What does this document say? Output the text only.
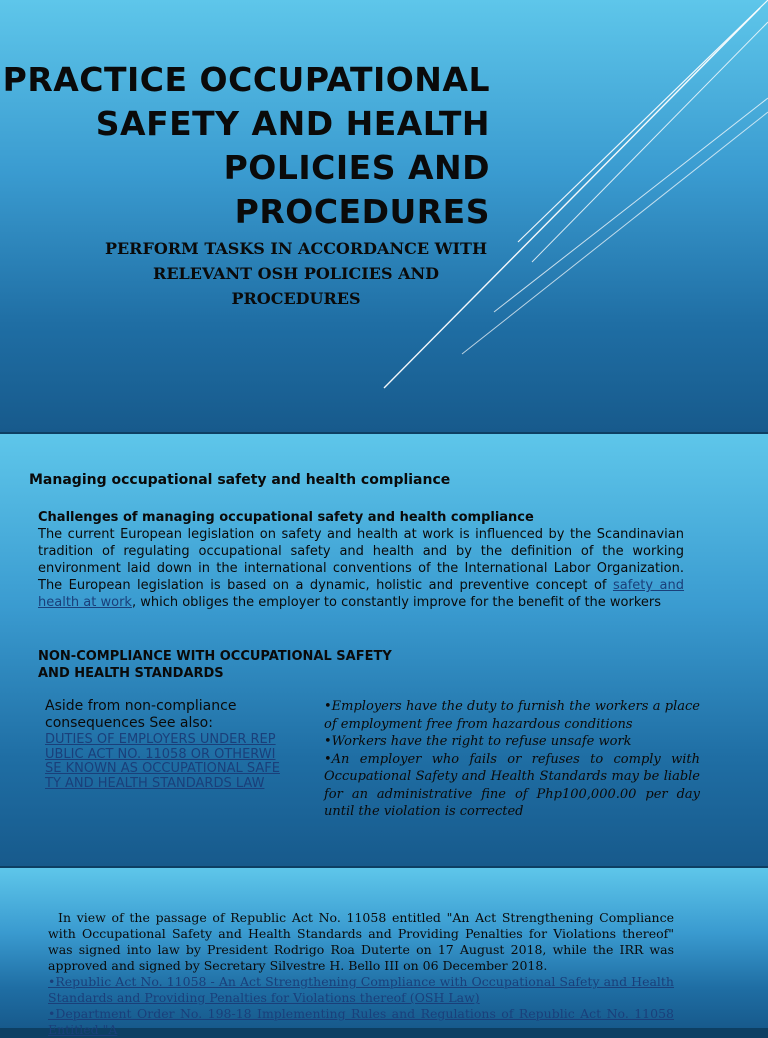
PRACTICE OCCUPATIONAL SAFETY AND HEALTH POLICIES AND PROCEDURES
PERFORM TASKS IN ACCORDANCE WITH RELEVANT OSH POLICIES AND PROCEDURES
Managing occupational safety and health compliance
Challenges of managing occupational safety and health compliance
The current European legislation on safety and health at work is influenced by the Scandinavian tradition of regulating occupational safety and health and by the definition of the working environment laid down in the international conventions of the International Labor Organization. The European legislation is based on a dynamic, holistic and preventive concept of safety and health at work, which obliges the employer to constantly improve for the benefit of the workers
NON-COMPLIANCE WITH OCCUPATIONAL SAFETY AND HEALTH STANDARDS
Aside from non-compliance consequences See also:
DUTIES OF EMPLOYERS UNDER REPUBLIC ACT NO. 11058 OR OTHERWISE KNOWN AS OCCUPATIONAL SAFETY AND HEALTH STANDARDS LAW
•Employers have the duty to furnish the workers a place of employment free from hazardous conditions
•Workers have the right to refuse unsafe work
•An employer who fails or refuses to comply with Occupational Safety and Health Standards may be liable for an administrative fine of Php100,000.00 per day until the violation is corrected
In view of the passage of Republic Act No. 11058 entitled "An Act Strengthening Compliance with Occupational Safety and Health Standards and Providing Penalties for Violations thereof" was signed into law by President Rodrigo Roa Duterte on 17 August 2018, while the IRR was approved and signed by Secretary Silvestre H. Bello III on 06 December 2018.
•Republic Act No. 11058 - An Act Strengthening Compliance with Occupational Safety and Health Standards and Providing Penalties for Violations thereof (OSH Law)
•Department Order No. 198-18 Implementing Rules and Regulations of Republic Act No. 11058 Entitled "A
